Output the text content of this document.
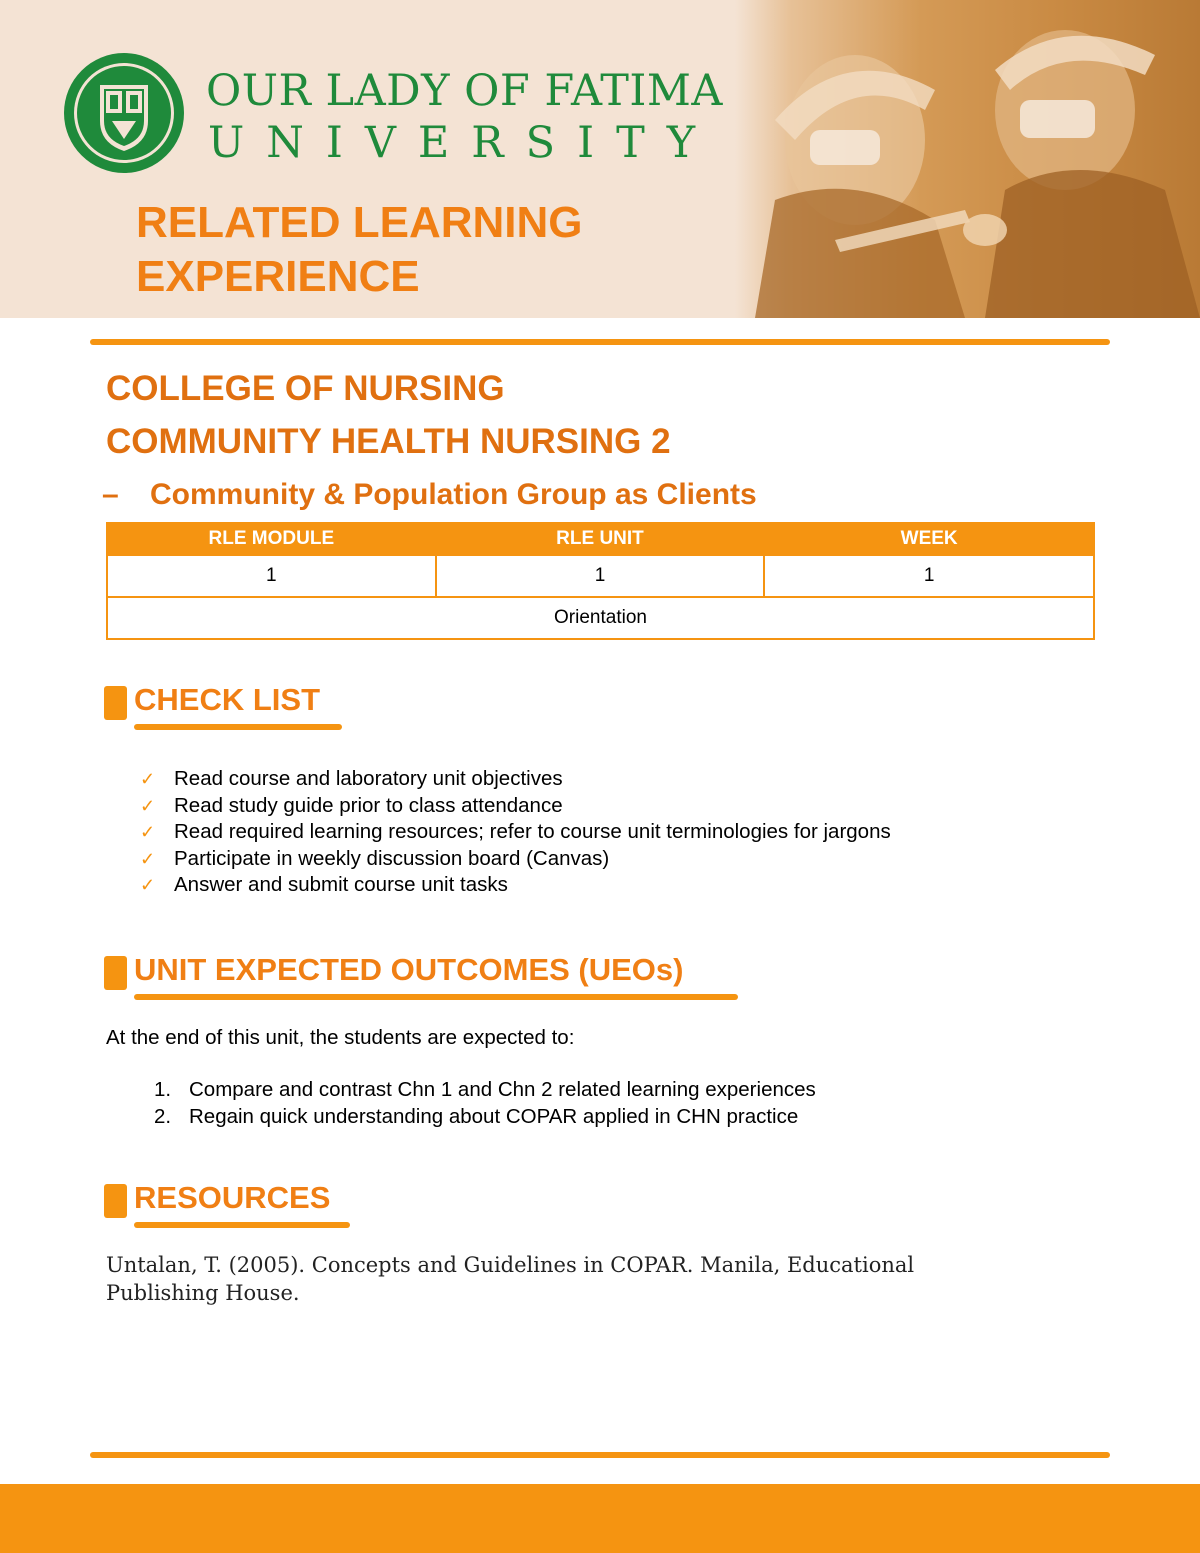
OUR LADY OF FATIMA
UNIVERSITY
RELATED LEARNING EXPERIENCE
COLLEGE OF NURSING
COMMUNITY HEALTH NURSING 2
– Community & Population Group as Clients
RLE MODULE	RLE UNIT	WEEK
1	1	1
Orientation		
CHECK LIST
✓ Read course and laboratory unit objectives
✓ Read study guide prior to class attendance
✓ Read required learning resources; refer to course unit terminologies for jargons
✓ Participate in weekly discussion board (Canvas)
✓ Answer and submit course unit tasks
UNIT EXPECTED OUTCOMES (UEOs)
At the end of this unit, the students are expected to:
1. Compare and contrast Chn 1 and Chn 2 related learning experiences
2. Regain quick understanding about COPAR applied in CHN practice
RESOURCES
Untalan, T. (2005). Concepts and Guidelines in COPAR. Manila, Educational Publishing House.
